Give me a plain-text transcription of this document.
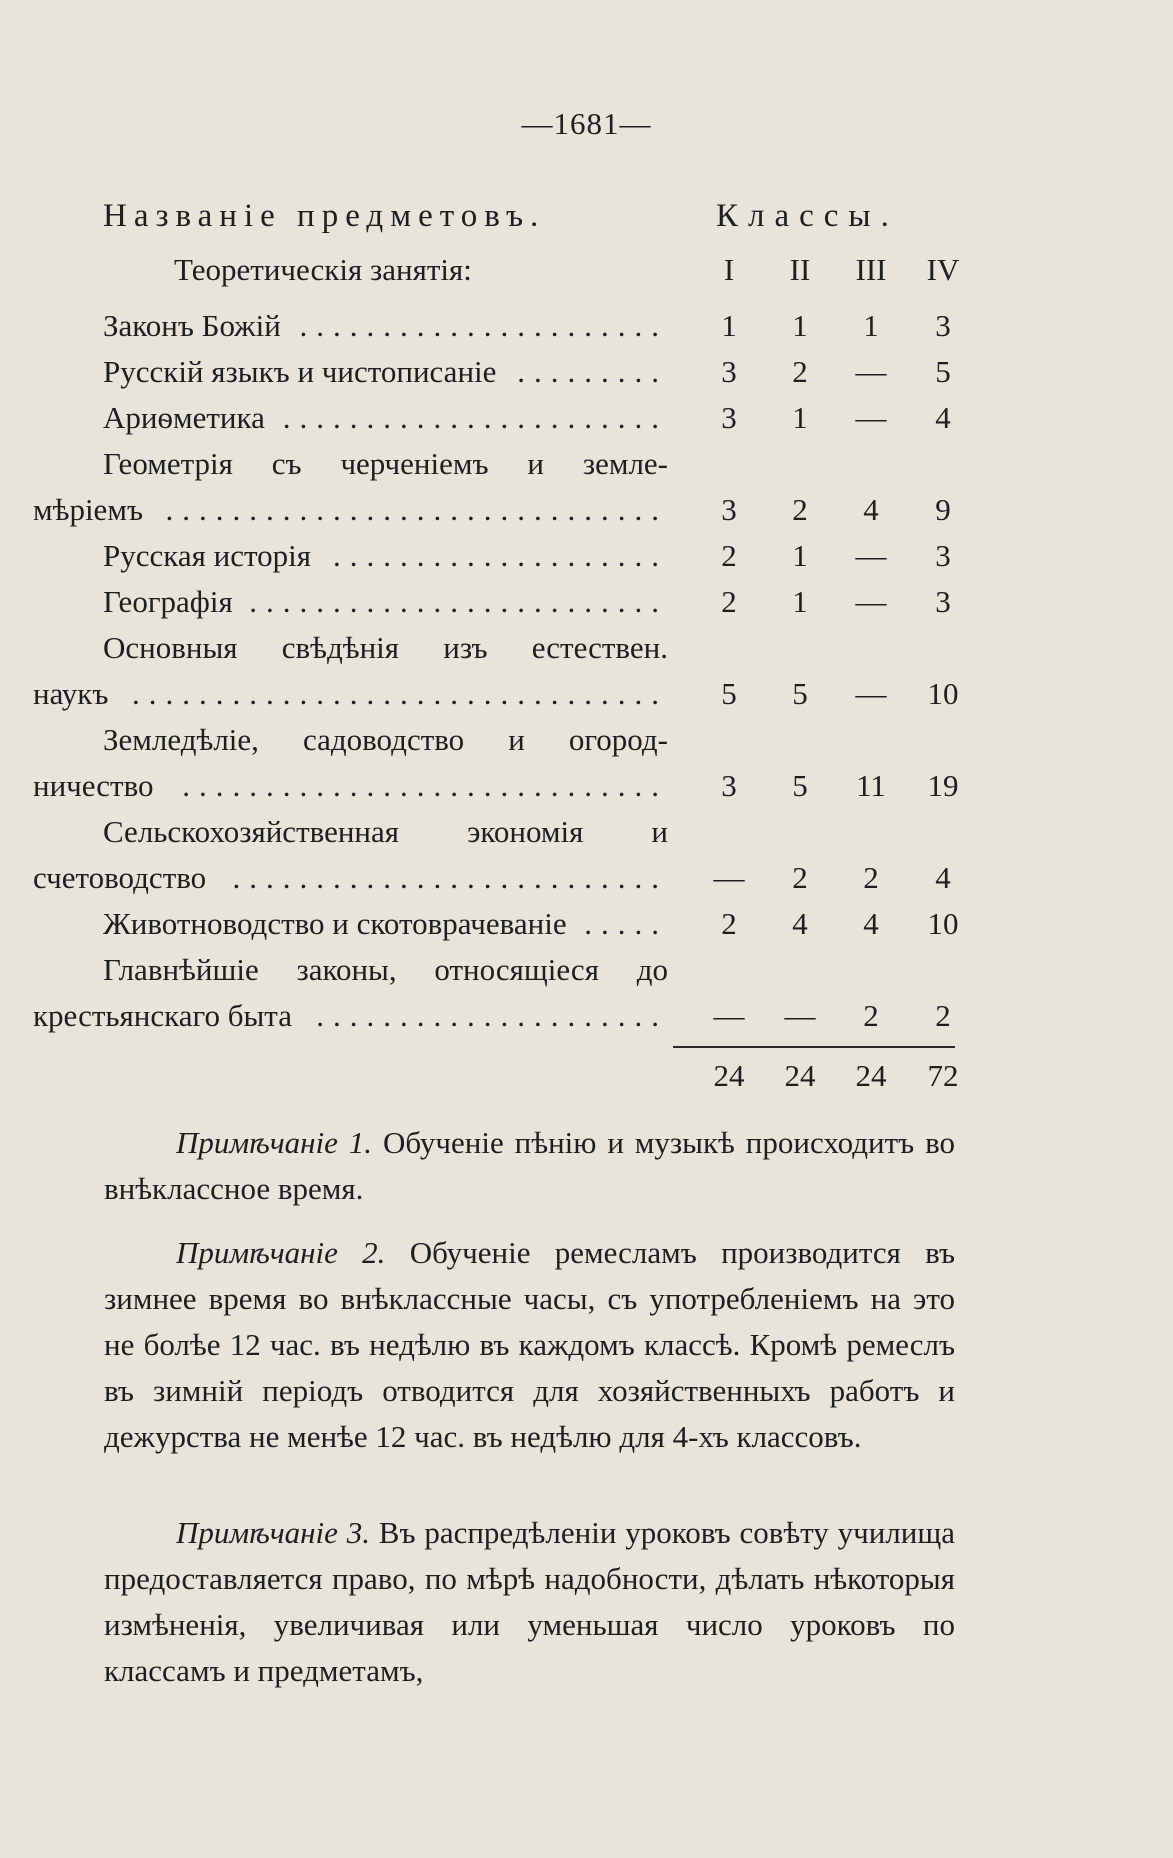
—1681—
Названіе предметовъ.	Классы.
Теоретическія занятія:	I	II	III	IV
Законъ Божій ......................	1	1	1	3
Русскій языкъ и чистописаніе .........	3	2	—	5
Ариѳметика .......................	3	1	—	4
Геометрія съ черченіемъ и земле-
мѣріемъ ..............................	3	2	4	9
Русская исторія ....................	2	1	—	3
Географія .........................	2	1	—	3
Основныя свѣдѣнія изъ естествен.
наукъ ................................	5	5	—	10
Земледѣліе, садоводство и огород-
ничество .............................	3	5	11	19
Сельскохозяйственная экономія и
счетоводство ..........................	—	2	2	4
Животноводство и скотоврачеваніе .....	2	4	4	10
Главнѣйшіе законы, относящіеся до
крестьянскаго быта .....................	—	—	2	2
24	24	24	72
Примѣчаніе 1. Обученіе пѣнію и музыкѣ происходитъ во внѣклассное время.
Примѣчаніе 2. Обученіе ремесламъ производится въ зимнее время во внѣклассные часы, съ употребленіемъ на это не болѣе 12 час. въ недѣлю въ каждомъ классѣ. Кромѣ ремеслъ въ зимній періодъ отводится для хозяйственныхъ работъ и дежурства не менѣе 12 час. въ недѣлю для 4-хъ классовъ.
Примѣчаніе 3. Въ распредѣленіи уроковъ совѣту училища предоставляется право, по мѣрѣ надобности, дѣлать нѣкоторыя измѣненія, увеличивая или уменьшая число уроковъ по классамъ и предметамъ,
